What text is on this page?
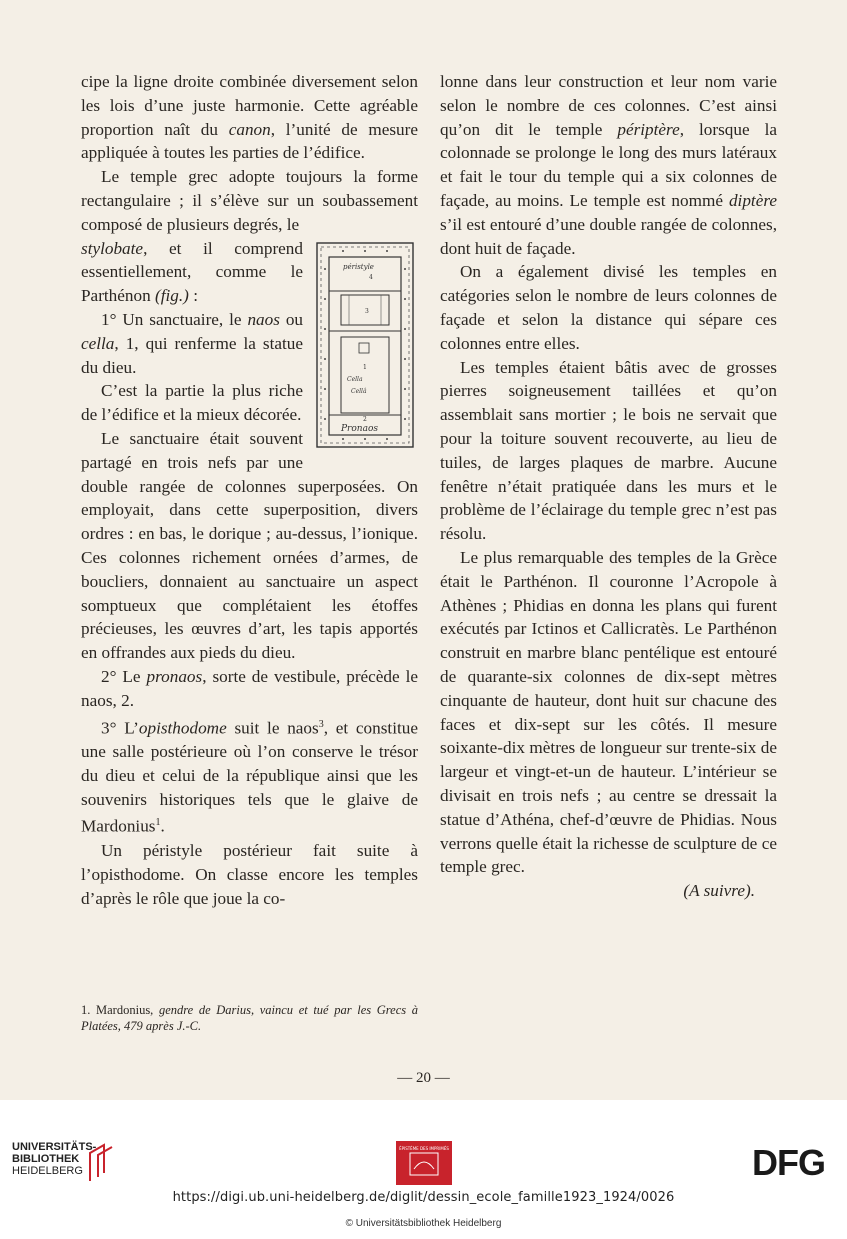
cipe la ligne droite combinée diversement selon les lois d’une juste harmonie. Cette agréable proportion naît du canon, l’unité de mesure appliquée à toutes les parties de l’édifice.

Le temple grec adopte toujours la forme rectangulaire ; il s’élève sur un soubassement composé de plusieurs degrés, le

péristyle
4
3
1
Cella
Cellâ
2
Pronaos

stylobate, et il comprend essentiellement, comme le Parthénon (fig.) :

1° Un sanctuaire, le naos ou cella, 1, qui renferme la statue du dieu.

C’est la partie la plus riche de l’édifice et la mieux décorée.

Le sanctuaire était souvent partagé en trois nefs par une double rangée de colonnes superposées. On employait, dans cette superposition, divers ordres : en bas, le dorique ; au-dessus, l’ionique. Ces colonnes richement ornées d’armes, de boucliers, donnaient au sanctuaire un aspect somptueux que complétaient les étoffes précieuses, les œuvres d’art, les tapis apportés en offrandes aux pieds du dieu.

2° Le pronaos, sorte de vestibule, précède le naos, 2.

3° L’opisthodome suit le naos$^3$, et constitue une salle postérieure où l’on conserve le trésor du dieu et celui de la république ainsi que les souvenirs historiques tels que le glaive de Mardonius$^1$.

Un péristyle postérieur fait suite à l’opisthodome. On classe encore les temples d’après le rôle que joue la co-

lonne dans leur construction et leur nom varie selon le nombre de ces colonnes. C’est ainsi qu’on dit le temple périptère, lorsque la colonnade se prolonge le long des murs latéraux et fait le tour du temple qui a six colonnes de façade, au moins. Le temple est nommé diptère s’il est entouré d’une double rangée de colonnes, dont huit de façade.

On a également divisé les temples en catégories selon le nombre de leurs colonnes de façade et selon la distance qui sépare ces colonnes entre elles.

Les temples étaient bâtis avec de grosses pierres soigneusement taillées et qu’on assemblait sans mortier ; le bois ne servait que pour la toiture souvent recouverte, au lieu de tuiles, de larges plaques de marbre. Aucune fenêtre n’était pratiquée dans les murs et le problème de l’éclairage du temple grec n’est pas résolu.

Le plus remarquable des temples de la Grèce était le Parthénon. Il couronne l’Acropole à Athènes ; Phidias en donna les plans qui furent exécutés par Ictinos et Callicratès. Le Parthénon construit en marbre blanc pentélique est entouré de quarante-six colonnes de dix-sept mètres cinquante de hauteur, dont huit sur chacune des faces et dix-sept sur les côtés. Il mesure soixante-dix mètres de longueur sur trente-six de largeur et vingt-et-un de hauteur. L’intérieur se divisait en trois nefs ; au centre se dressait la statue d’Athéna, chef-d’œuvre de Phidias. Nous verrons quelle était la richesse de sculpture de ce temple grec.

(A suivre).

1. Mardonius, gendre de Darius, vaincu et tué par les Grecs à Platées, 479 après J.-C.
— 20 —
UNIVERSITÄTS-
BIBLIOTHEK
HEIDELBERG
ÉPISTÈME DES IMPRIMÉS	DFG
https://digi.ub.uni-heidelberg.de/diglit/dessin_ecole_famille1923_1924/0026
© Universitätsbibliothek Heidelberg
